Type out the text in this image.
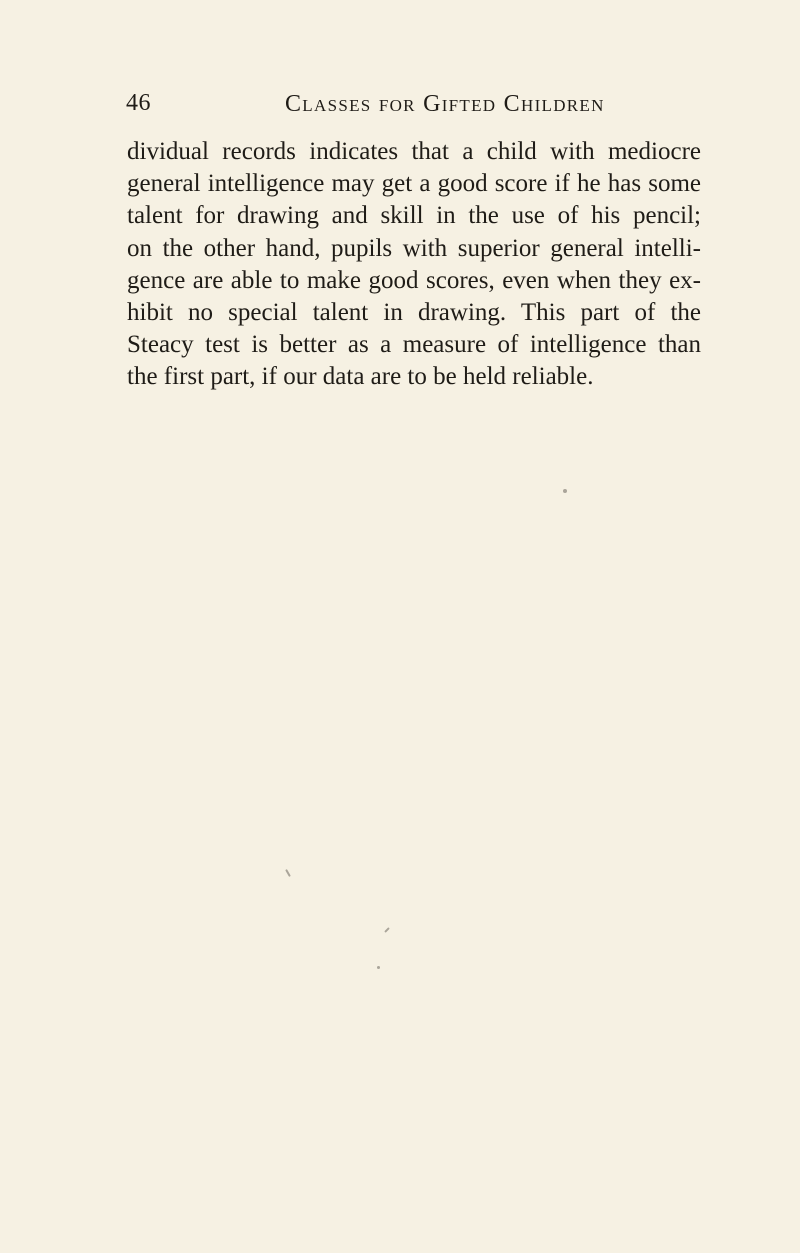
46	Classes for Gifted Children
dividual records indicates that a child with mediocre
general intelligence may get a good score if he has some
talent for drawing and skill in the use of his pencil;
on the other hand, pupils with superior general intelli-
gence are able to make good scores, even when they ex-
hibit no special talent in drawing. This part of the
Steacy test is better as a measure of intelligence than
the first part, if our data are to be held reliable.
